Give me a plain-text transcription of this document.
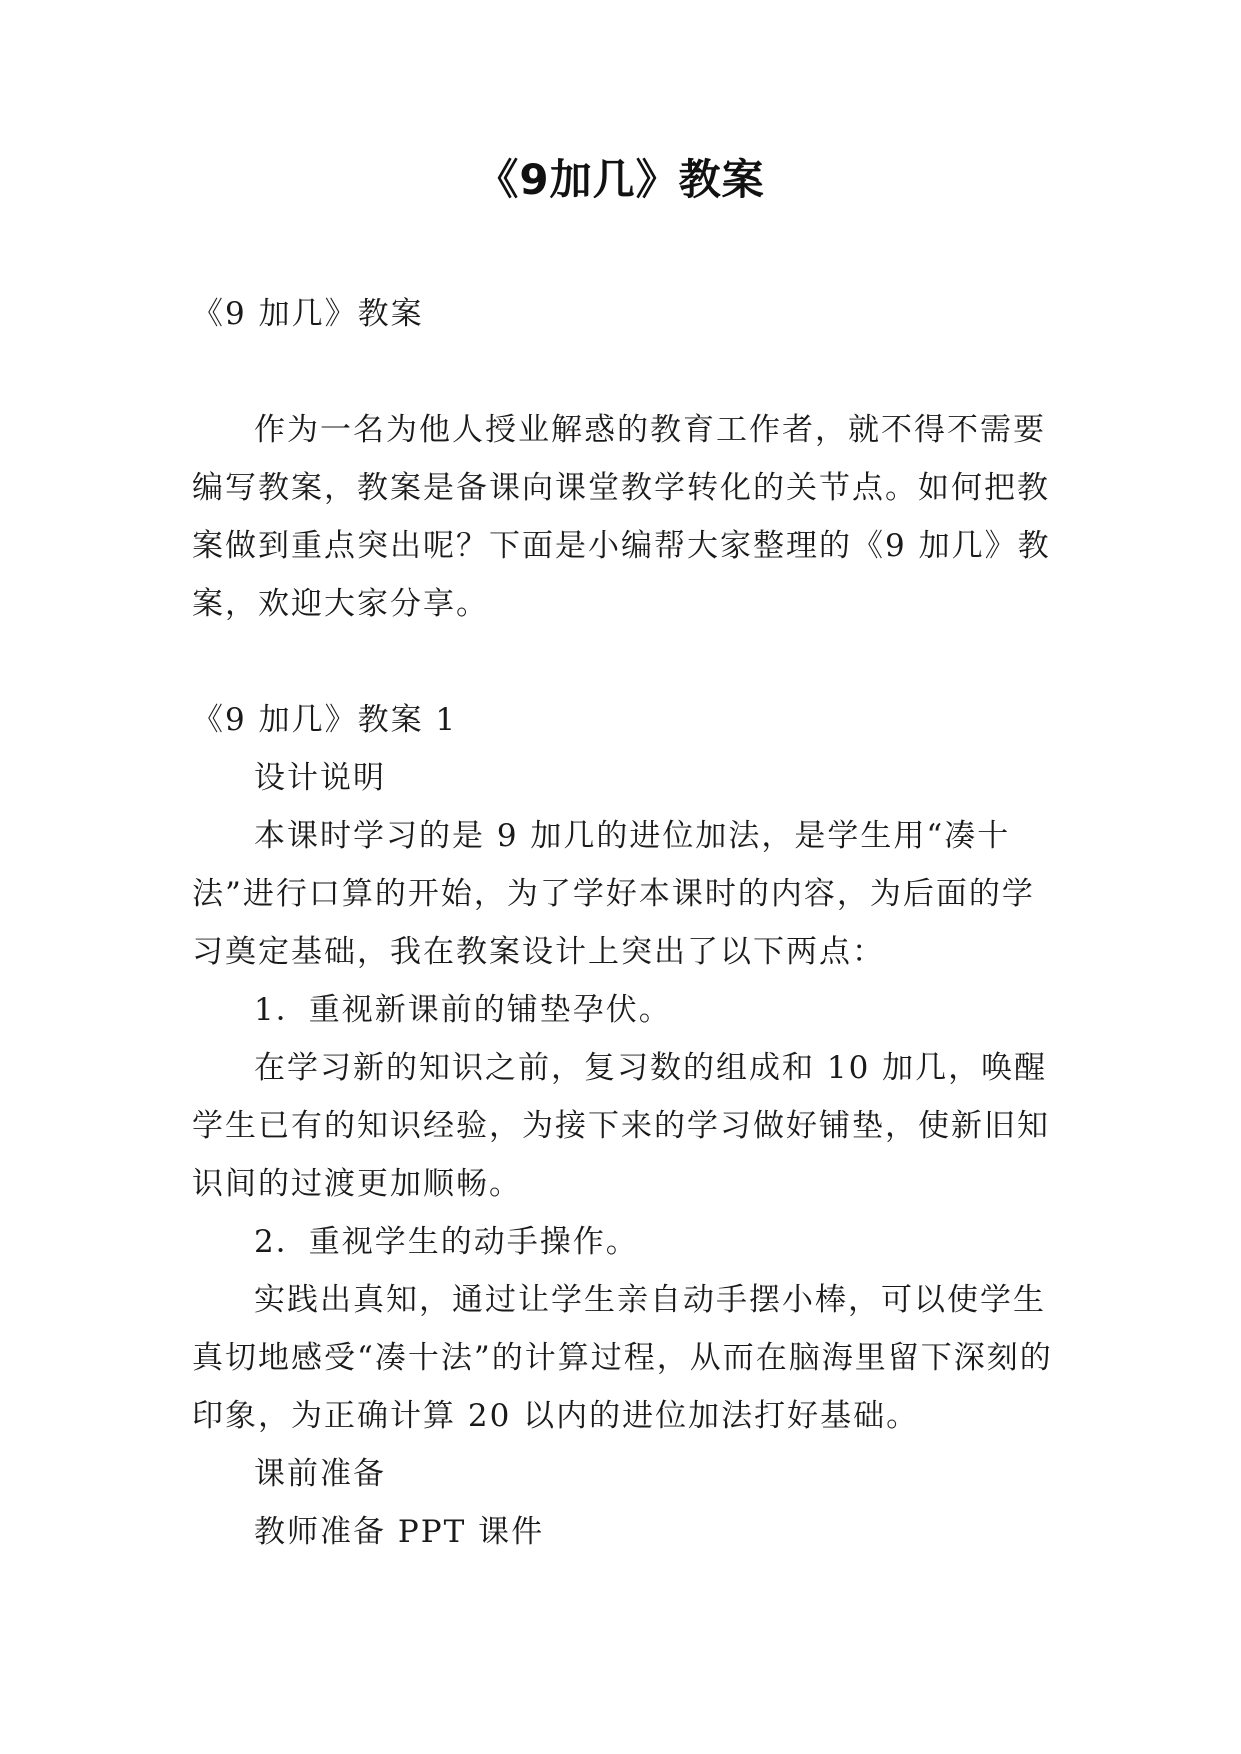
《9加几》教案

《9 加几》教案

作为一名为他人授业解惑的教育工作者，就不得不需要编写教案，教案是备课向课堂教学转化的关节点。如何把教案做到重点突出呢？下面是小编帮大家整理的《9 加几》教案，欢迎大家分享。

《9 加几》教案 1

设计说明

本课时学习的是 9 加几的进位加法，是学生用“凑十法”进行口算的开始，为了学好本课时的内容，为后面的学习奠定基础，我在教案设计上突出了以下两点：

1．重视新课前的铺垫孕伏。

在学习新的知识之前，复习数的组成和 10 加几，唤醒学生已有的知识经验，为接下来的学习做好铺垫，使新旧知识间的过渡更加顺畅。

2．重视学生的动手操作。

实践出真知，通过让学生亲自动手摆小棒，可以使学生真切地感受“凑十法”的计算过程，从而在脑海里留下深刻的印象，为正确计算 20 以内的进位加法打好基础。

课前准备

教师准备 PPT 课件
